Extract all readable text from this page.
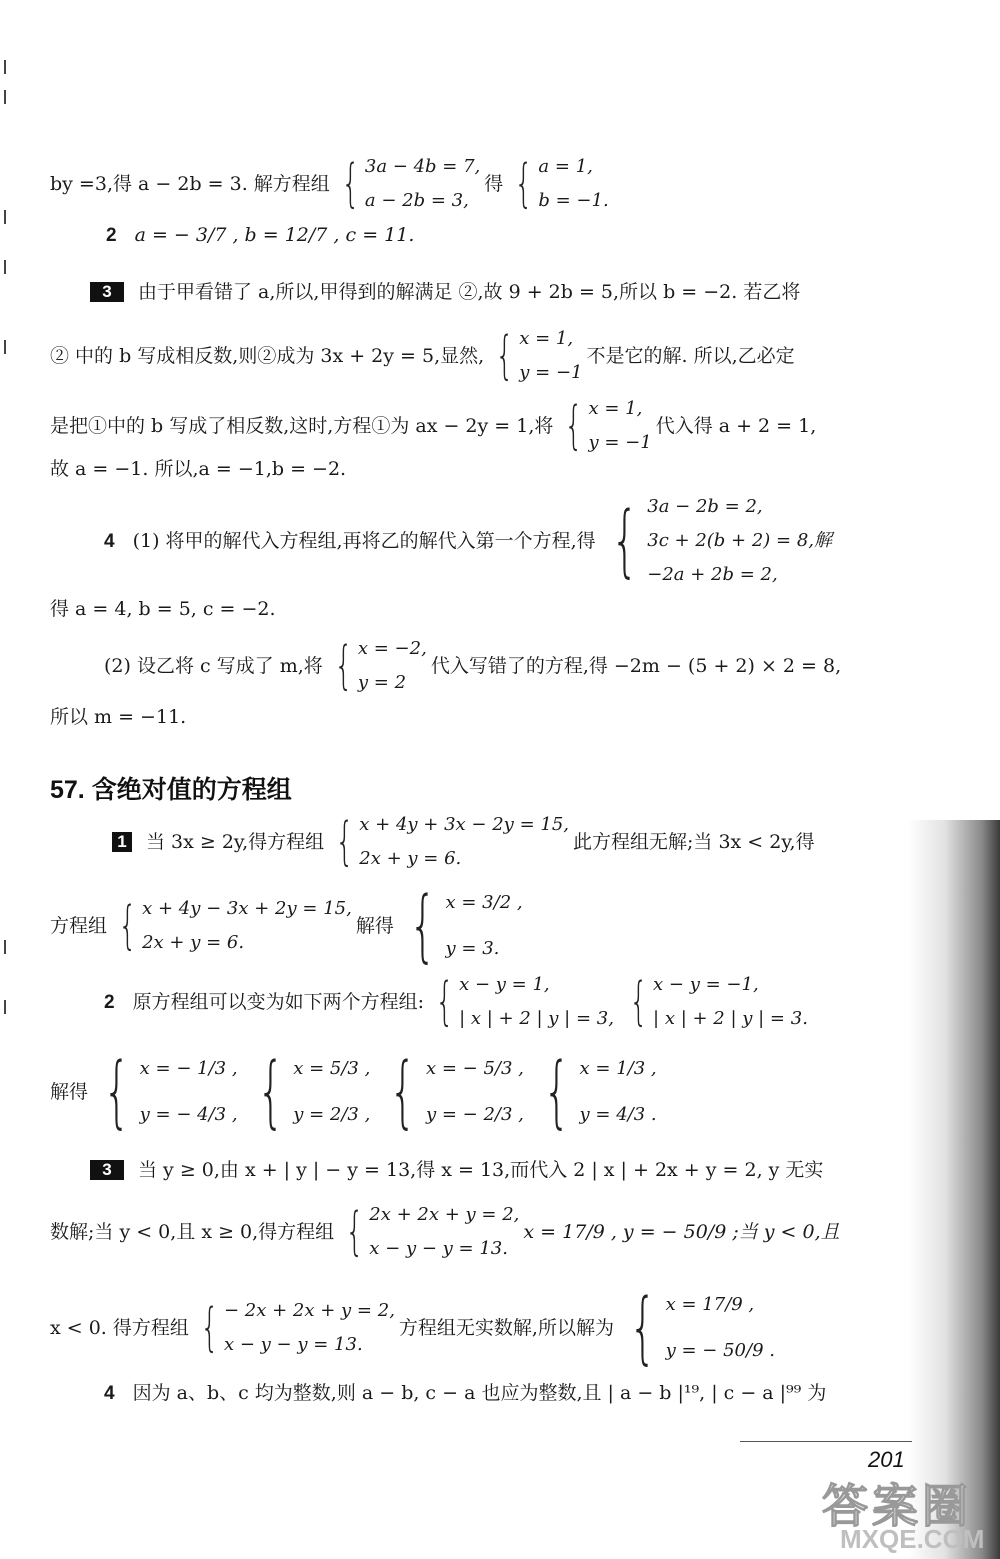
by =3,得 a − 2b = 3. 解方程组 { 3a − 4b = 7,
a − 2b = 3,
得 { a = 1,
b = −1.
2 a = − 3/7 , b = 12/7 , c = 11.
3	由于甲看错了 a,所以,甲得到的解满足 ②,故 9 + 2b = 5,所以 b = −2. 若乙将
② 中的 b 写成相反数,则②成为 3x + 2y = 5,显然, { x = 1,
y = −1
不是它的解. 所以,乙必定
是把①中的 b 写成了相反数,这时,方程①为 ax − 2y = 1,将 { x = 1,
y = −1
代入得 a + 2 = 1,
故 a = −1. 所以,a = −1,b = −2.
4 (1) 将甲的解代入方程组,再将乙的解代入第一个方程,得 { 3a − 2b = 2,
3c + 2(b + 2) = 8,解
−2a + 2b = 2,
得 a = 4, b = 5, c = −2.
(2) 设乙将 c 写成了 m,将 { x = −2,
y = 2
代入写错了的方程,得 −2m − (5 + 2) × 2 = 8,
所以 m = −11.
57. 含绝对值的方程组
1 当 3x ≥ 2y,得方程组 { x + 4y + 3x − 2y = 15,
2x + y = 6.
此方程组无解;当 3x < 2y,得
方程组 { x + 4y − 3x + 2y = 15,
2x + y = 6.
解得 { x = 3/2 ,
y = 3.
2 原方程组可以变为如下两个方程组: { x − y = 1,
| x | + 2 | y | = 3, { x − y = −1,
| x | + 2 | y | = 3.
解得 { x = − 1/3 ,
y = − 4/3 , { x = 5/3 ,
y = 2/3 , { x = − 5/3 ,
y = − 2/3 , { x = 1/3 ,
y = 4/3 .
3	当 y ≥ 0,由 x + | y | − y = 13,得 x = 13,而代入 2 | x | + 2x + y = 2, y 无实
数解;当 y < 0,且 x ≥ 0,得方程组 { 2x + 2x + y = 2,
x − y − y = 13.
x = 17/9 , y = − 50/9 ;当 y < 0,且
x < 0. 得方程组 { − 2x + 2x + y = 2,
x − y − y = 13.
方程组无实数解,所以解为 { x = 17/9 ,
y = − 50/9 .
4 因为 a、b、c 均为整数,则 a − b, c − a 也应为整数,且 | a − b |¹⁹, | c − a |⁹⁹ 为
201
答案圈
MXQE.COM
